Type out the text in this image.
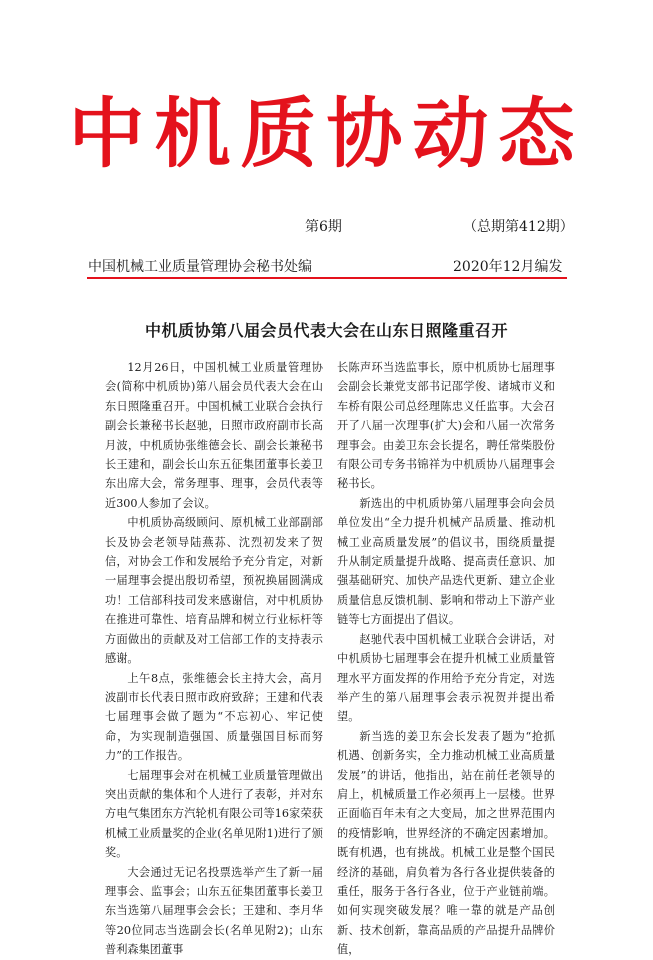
中机质协动态
第6期	（总期第412期）
中国机械工业质量管理协会秘书处编	2020年12月编发
中机质协第八届会员代表大会在山东日照隆重召开

12月26日，中国机械工业质量管理协会(简称中机质协)第八届会员代表大会在山东日照隆重召开。中国机械工业联合会执行副会长兼秘书长赵驰，日照市政府副市长高月波，中机质协张维德会长、副会长兼秘书长王建和，副会长山东五征集团董事长姜卫东出席大会，常务理事、理事，会员代表等近300人参加了会议。

中机质协高级顾问、原机械工业部副部长及协会老领导陆燕荪、沈烈初发来了贺信，对协会工作和发展给予充分肯定，对新一届理事会提出殷切希望，预祝换届圆满成功！工信部科技司发来感谢信，对中机质协在推进可靠性、培育品牌和树立行业标杆等方面做出的贡献及对工信部工作的支持表示感谢。

上午8点，张维德会长主持大会，高月波副市长代表日照市政府致辞；王建和代表七届理事会做了题为“不忘初心、牢记使命，为实现制造强国、质量强国目标而努力”的工作报告。

七届理事会对在机械工业质量管理做出突出贡献的集体和个人进行了表彰，并对东方电气集团东方汽轮机有限公司等16家荣获机械工业质量奖的企业(名单见附1)进行了颁奖。

大会通过无记名投票选举产生了新一届理事会、监事会；山东五征集团董事长姜卫东当选第八届理事会会长；王建和、李月华等20位同志当选副会长(名单见附2)；山东普利森集团董事

长陈声环当选监事长，原中机质协七届理事会副会长兼党支部书记邵学俊、诸城市义和车桥有限公司总经理陈忠义任监事。大会召开了八届一次理事(扩大)会和八届一次常务理事会。由姜卫东会长提名，聘任常柴股份有限公司专务书锦祥为中机质协八届理事会秘书长。

新选出的中机质协第八届理事会向会员单位发出“全力提升机械产品质量、推动机械工业高质量发展”的倡议书，围绕质量提升从制定质量提升战略、提高责任意识、加强基础研究、加快产品迭代更新、建立企业质量信息反馈机制、影响和带动上下游产业链等七方面提出了倡议。

赵驰代表中国机械工业联合会讲话，对中机质协七届理事会在提升机械工业质量管理水平方面发挥的作用给予充分肯定，对选举产生的第八届理事会表示祝贺并提出希望。

新当选的姜卫东会长发表了题为“抢抓机遇、创新务实，全力推动机械工业高质量发展”的讲话，他指出，站在前任老领导的肩上，机械质量工作必须再上一层楼。世界正面临百年未有之大变局，加之世界范围内的疫情影响，世界经济的不确定因素增加。既有机遇，也有挑战。机械工业是整个国民经济的基础，肩负着为各行各业提供装备的重任，服务于各行各业，位于产业链前端。如何实现突破发展？唯一靠的就是产品创新、技术创新，靠高品质的产品提升品牌价值，
